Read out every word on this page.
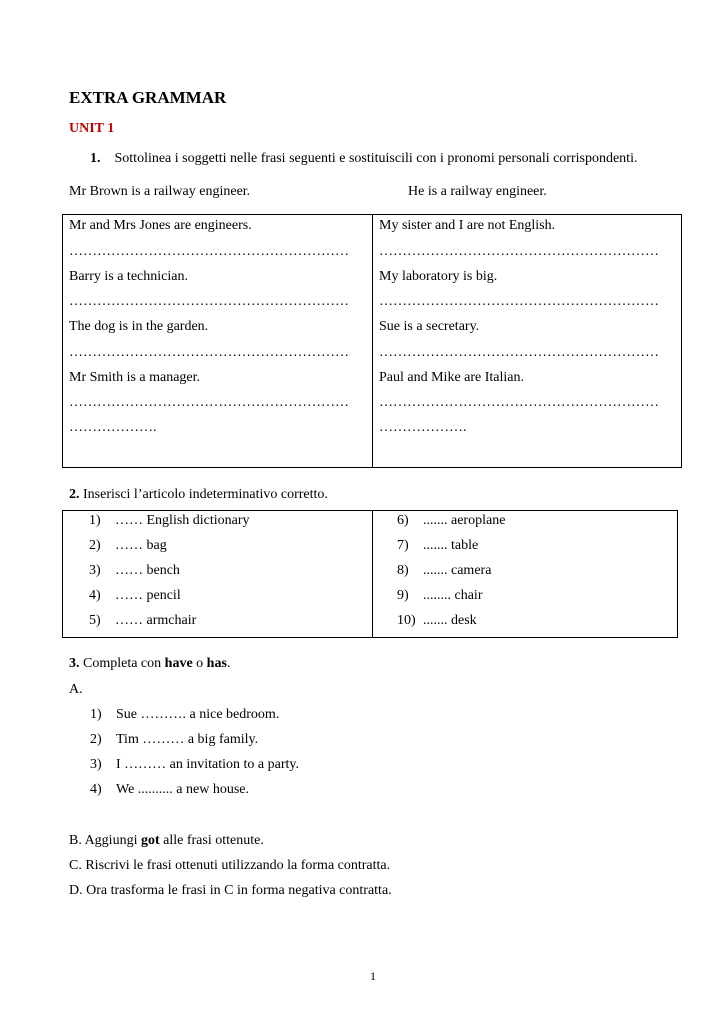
EXTRA GRAMMAR
UNIT 1
1. Sottolinea i soggetti nelle frasi seguenti e sostituiscili con i pronomi personali corrispondenti.
Mr Brown is a railway engineer.	He is a railway engineer.
Mr and Mrs Jones are engineers.
……………………………………………………
Barry is a technician.
……………………………………………………
The dog is in the garden.
……………………………………………………
Mr Smith is a manager.
……………………………………………………
……………….
My sister and I are not English.
……………………………………………………
My laboratory is big.
……………………………………………………
Sue is a secretary.
……………………………………………………
Paul and Mike are Italian.
……………………………………………………
……………….
2. Inserisci l’articolo indeterminativo corretto.
1) …… English dictionary
2) …… bag
3) …… bench
4) …… pencil
5) …… armchair
6) ....... aeroplane
7) ....... table
8) ....... camera
9) ........ chair
10) ....... desk
3. Completa con have o has.
A.
1) Sue ………. a nice bedroom.
2) Tim ……… a big family.
3) I ……… an invitation to a party.
4) We .......... a new house.
B. Aggiungi got alle frasi ottenute.
C. Riscrivi le frasi ottenuti utilizzando la forma contratta.
D. Ora trasforma le frasi in C in forma negativa contratta.
1
